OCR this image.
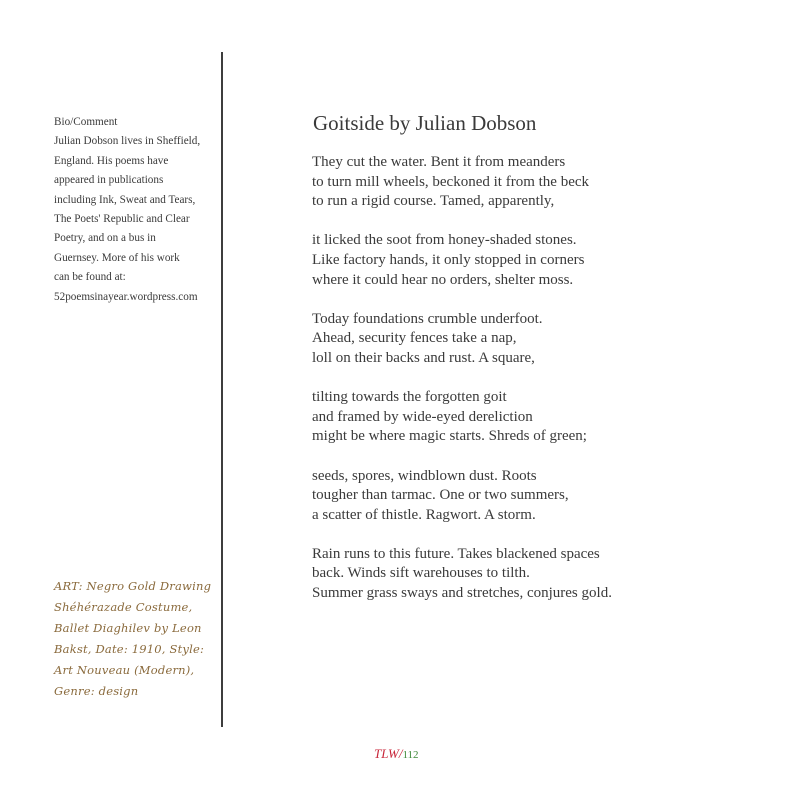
Bio/Comment
Julian Dobson lives in Sheffield,
England. His poems have
appeared in publications
including Ink, Sweat and Tears,
The Poets' Republic and Clear
Poetry, and on a bus in
Guernsey. More of his work
can be found at:
52poemsinayear.wordpress.com
ART: Negro Gold Drawing
Shéhérazade Costume,
Ballet Diaghilev by Leon
Bakst, Date: 1910, Style:
Art Nouveau (Modern),
Genre: design
Goitside by Julian Dobson
They cut the water. Bent it from meanders
to turn mill wheels, beckoned it from the beck
to run a rigid course. Tamed, apparently,
it licked the soot from honey-shaded stones.
Like factory hands, it only stopped in corners
where it could hear no orders, shelter moss.
Today foundations crumble underfoot.
Ahead, security fences take a nap,
loll on their backs and rust. A square,
tilting towards the forgotten goit
and framed by wide-eyed dereliction
might be where magic starts. Shreds of green;
seeds, spores, windblown dust. Roots
tougher than tarmac. One or two summers,
a scatter of thistle. Ragwort. A storm.
Rain runs to this future. Takes blackened spaces
back. Winds sift warehouses to tilth.
Summer grass sways and stretches, conjures gold.
TLW/112
